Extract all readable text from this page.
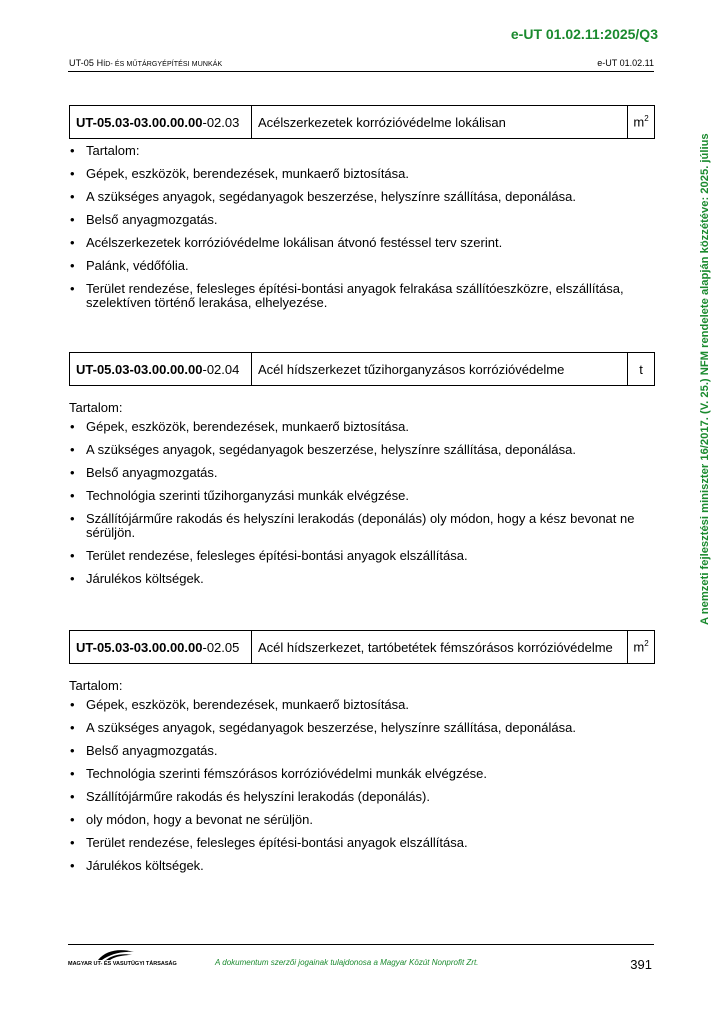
e-UT 01.02.11:2025/Q3
UT-05 HÍD- ÉS MŰTÁRGYÉPÍTÉSI MUNKÁK	e-UT 01.02.11
A nemzeti fejlesztési miniszter 16/2017. (V. 25.) NFM rendelete alapján közzétéve: 2025. július
UT-05.03-03.00.00.00-02.03	Acélszerkezetek korrózióvédelme lokálisan	$m^2$
• Tartalom:
• Gépek, eszközök, berendezések, munkaerő biztosítása.
• A szükséges anyagok, segédanyagok beszerzése, helyszínre szállítása, deponálása.
• Belső anyagmozgatás.
• Acélszerkezetek korrózióvédelme lokálisan átvonó festéssel terv szerint.
• Palánk, védőfólia.
• Terület rendezése, felesleges építési-bontási anyagok felrakása szállítóeszközre, elszállítása, szelektíven történő lerakása, elhelyezése.
UT-05.03-03.00.00.00-02.04	Acél hídszerkezet tűzihorganyzásos korrózióvédelme	t
Tartalom:
• Gépek, eszközök, berendezések, munkaerő biztosítása.
• A szükséges anyagok, segédanyagok beszerzése, helyszínre szállítása, deponálása.
• Belső anyagmozgatás.
• Technológia szerinti tűzihorganyzási munkák elvégzése.
• Szállítójárműre rakodás és helyszíni lerakodás (deponálás) oly módon, hogy a kész bevonat ne sérüljön.
• Terület rendezése, felesleges építési-bontási anyagok elszállítása.
• Járulékos költségek.
UT-05.03-03.00.00.00-02.05	Acél hídszerkezet, tartóbetétek fémszórásos korrózióvédelme	$m^2$
Tartalom:
• Gépek, eszközök, berendezések, munkaerő biztosítása.
• A szükséges anyagok, segédanyagok beszerzése, helyszínre szállítása, deponálása.
• Belső anyagmozgatás.
• Technológia szerinti fémszórásos korrózióvédelmi munkák elvégzése.
• Szállítójárműre rakodás és helyszíni lerakodás (deponálás).
• oly módon, hogy a bevonat ne sérüljön.
• Terület rendezése, felesleges építési-bontási anyagok elszállítása.
• Járulékos költségek.
MAGYAR UT- ÉS VASUTÜGYI TÁRSASÁG	A dokumentum szerzői jogainak tulajdonosa a Magyar Közút Nonprofit Zrt.	391
